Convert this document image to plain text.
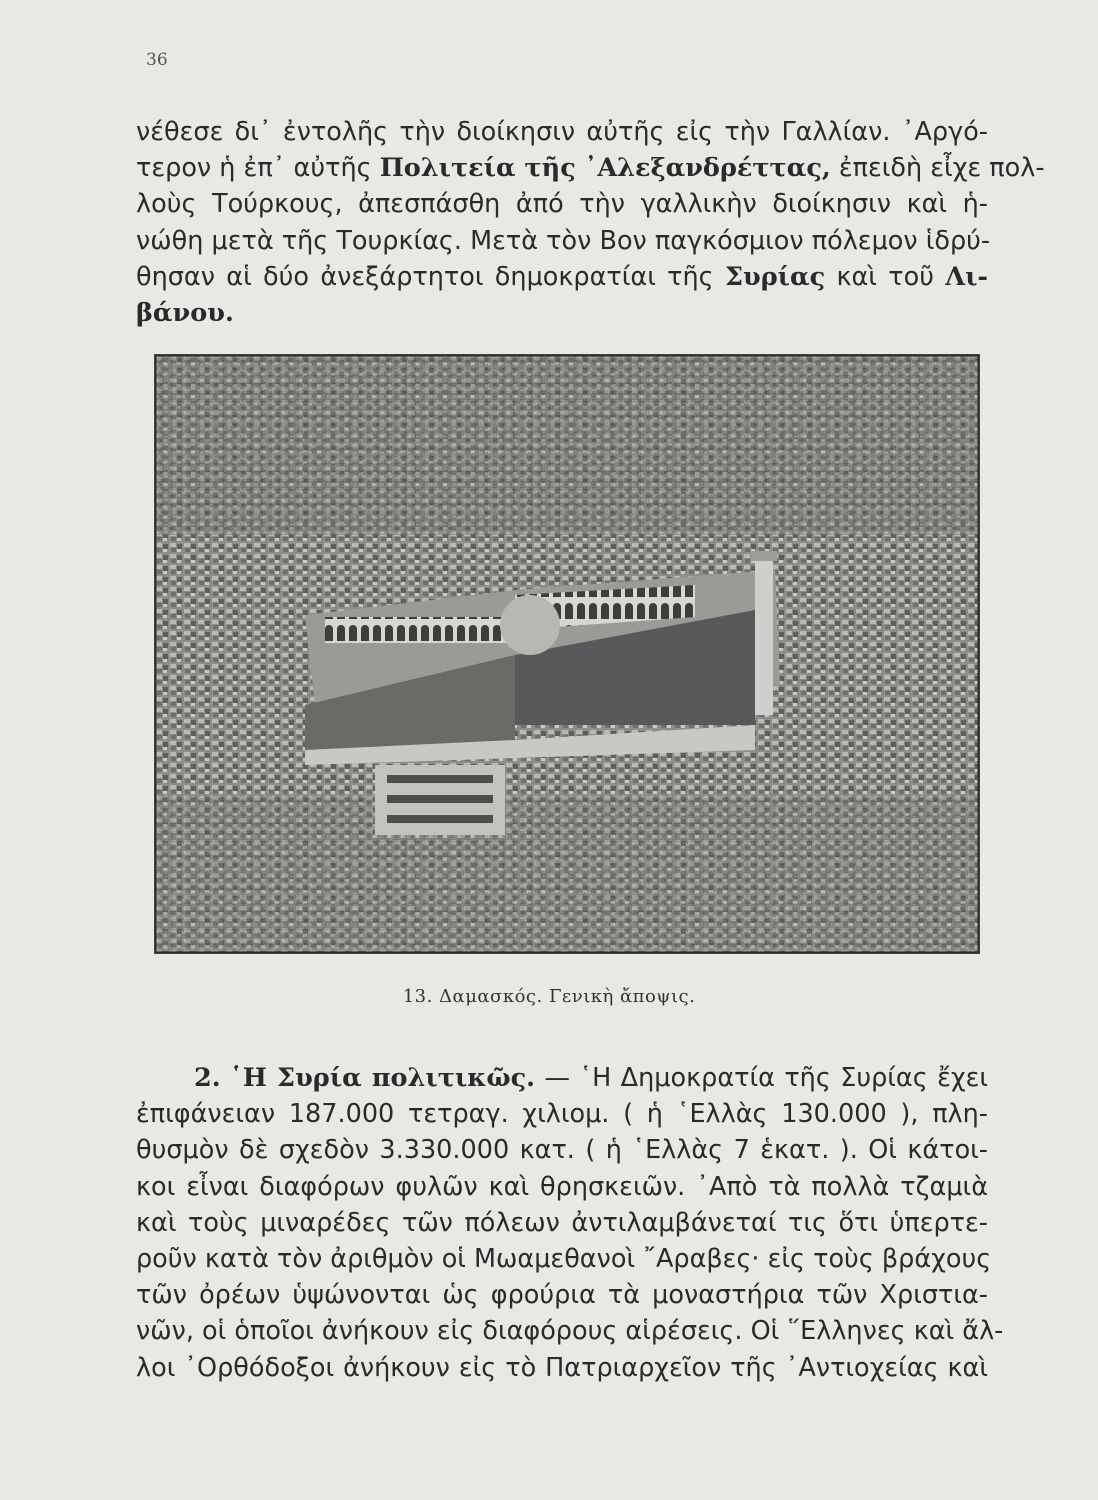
36
νέθεσε δι᾽ ἐντολῆς τὴν διοίκησιν αὐτῆς εἰς τὴν Γαλλίαν. ᾽Αργό-
τερον ἡ ἐπ᾽ αὐτῆς Πολιτεία τῆς ᾽Αλεξανδρέττας, ἐπειδὴ εἶχε πολ-
λοὺς Τούρκους, ἀπεσπάσθη ἀπό τὴν γαλλικὴν διοίκησιν καὶ ἡ-
νώθη μετὰ τῆς Τουρκίας. Μετὰ τὸν Βον παγκόσμιον πόλεμον ἱδρύ-
θησαν αἱ δύο ἀνεξάρτητοι δημοκρατίαι τῆς Συρίας καὶ τοῦ Λι-
βάνου.
13. Δαμασκός. Γενικὴ ἄποψις.
2. ῾Η Συρία πολιτικῶς. — ῾Η Δημοκρατία τῆς Συρίας ἔχει
ἐπιφάνειαν 187.000 τετραγ. χιλιομ. ( ἡ ῾Ελλὰς 130.000 ), πλη-
θυσμὸν δὲ σχεδὸν 3.330.000 κατ. ( ἡ ῾Ελλὰς 7 ἑκατ. ). Οἱ κάτοι-
κοι εἶναι διαφόρων φυλῶν καὶ θρησκειῶν. ᾽Απὸ τὰ πολλὰ τζαμιὰ
καὶ τοὺς μιναρέδες τῶν πόλεων ἀντιλαμβάνεταί τις ὅτι ὑπερτε-
ροῦν κατὰ τὸν ἀριθμὸν οἱ Μωαμεθανοὶ ῎Αραβες· εἰς τοὺς βράχους
τῶν ὀρέων ὑψώνονται ὡς φρούρια τὰ μοναστήρια τῶν Χριστια-
νῶν, οἱ ὁποῖοι ἀνήκουν εἰς διαφόρους αἱρέσεις. Οἱ ῞Ελληνες καὶ ἄλ-
λοι ᾽Ορθόδοξοι ἀνήκουν εἰς τὸ Πατριαρχεῖον τῆς ᾽Αντιοχείας καὶ
